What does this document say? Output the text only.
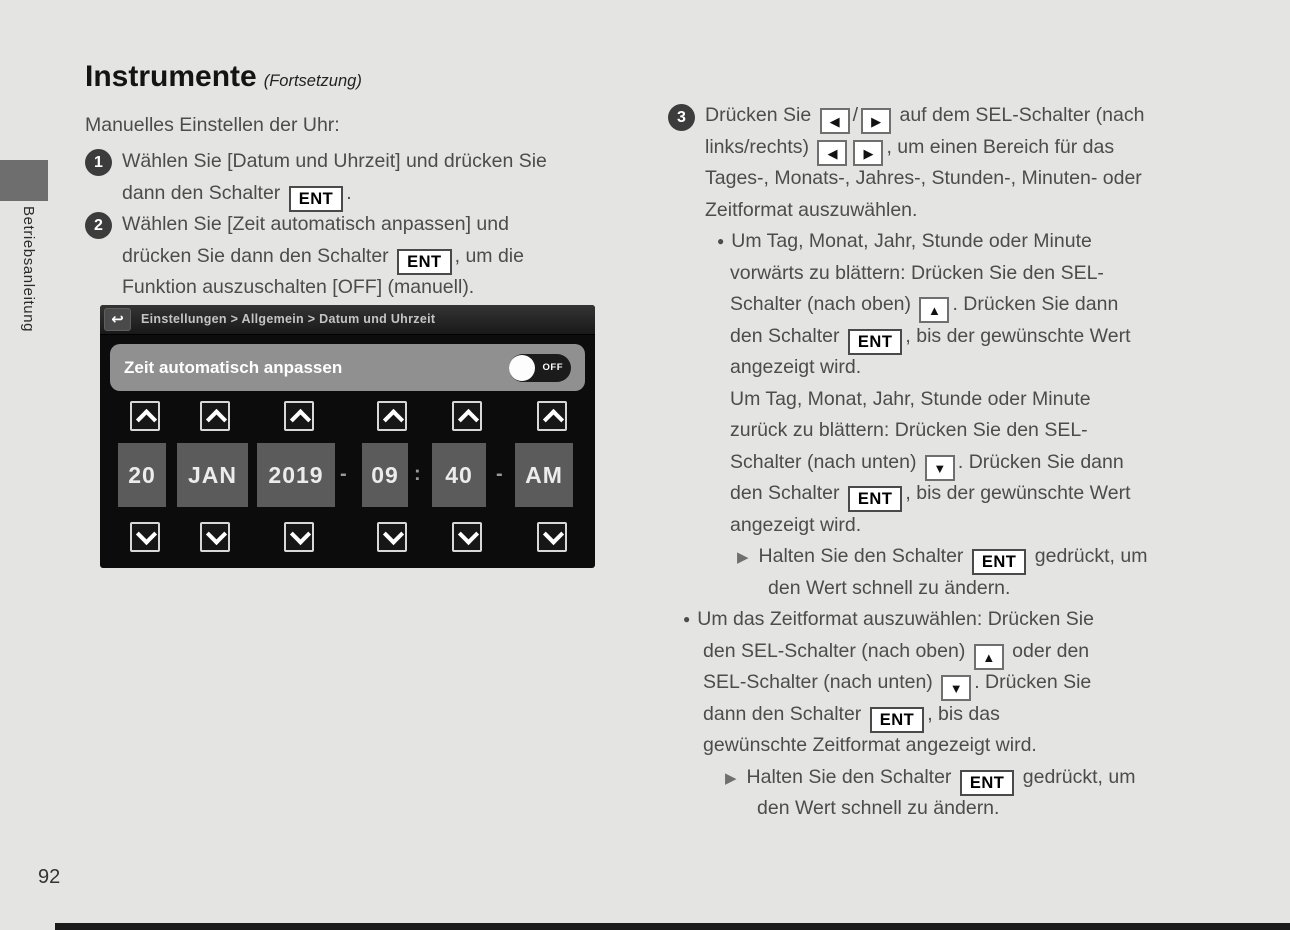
Betriebsanleitung
Instrumente (Fortsetzung)
Manuelles Einstellen der Uhr:
1 Wählen Sie [Datum und Uhrzeit] und drücken Sie
dann den Schalter ENT .
2 Wählen Sie [Zeit automatisch anpassen] und
drücken Sie dann den Schalter ENT , um die
Funktion auszuschalten [OFF] (manuell).
↩	Einstellungen > Allgemein > Datum und Uhrzeit
Zeit automatisch anpassen	OFF
20	JAN	2019 -	09 :	40	- AM
3 Drücken Sie ◀ / ▶ auf dem SEL-Schalter (nach
links/rechts) ◀ ▶ , um einen Bereich für das
Tages-, Monats-, Jahres-, Stunden-, Minuten- oder
Zeitformat auszuwählen.
● Um Tag, Monat, Jahr, Stunde oder Minute
vorwärts zu blättern: Drücken Sie den SEL-
Schalter (nach oben) ▲ . Drücken Sie dann
den Schalter ENT , bis der gewünschte Wert
angezeigt wird.
Um Tag, Monat, Jahr, Stunde oder Minute
zurück zu blättern: Drücken Sie den SEL-
Schalter (nach unten) ▼ . Drücken Sie dann
den Schalter ENT , bis der gewünschte Wert
angezeigt wird.
▶ Halten Sie den Schalter ENT gedrückt, um
den Wert schnell zu ändern.
● Um das Zeitformat auszuwählen: Drücken Sie
den SEL-Schalter (nach oben) ▲ oder den
SEL-Schalter (nach unten) ▼ . Drücken Sie
dann den Schalter ENT , bis das
gewünschte Zeitformat angezeigt wird.
▶ Halten Sie den Schalter ENT gedrückt, um
den Wert schnell zu ändern.
92
